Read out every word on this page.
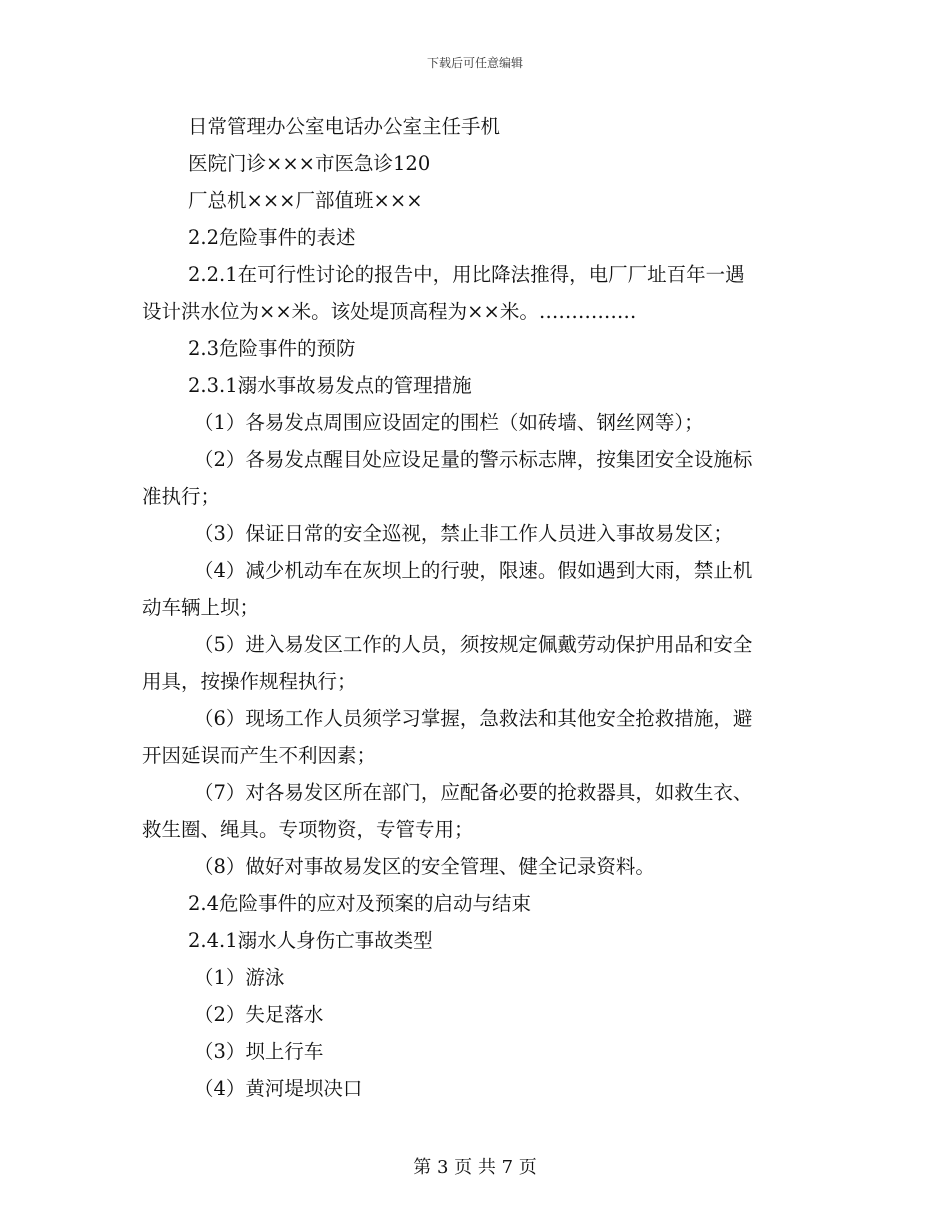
下载后可任意编辑

日常管理办公室电话办公室主任手机

医院门诊×××市医急诊120

厂总机×××厂部值班×××

2.2危险事件的表述

2.2.1在可行性讨论的报告中，用比降法推得，电厂厂址百年一遇

设计洪水位为××米。该处堤顶高程为××米。……………

2.3危险事件的预防

2.3.1溺水事故易发点的管理措施

（1）各易发点周围应设固定的围栏（如砖墙、钢丝网等）；

（2）各易发点醒目处应设足量的警示标志牌，按集团安全设施标

准执行；

（3）保证日常的安全巡视，禁止非工作人员进入事故易发区；

（4）减少机动车在灰坝上的行驶，限速。假如遇到大雨，禁止机

动车辆上坝；

（5）进入易发区工作的人员，须按规定佩戴劳动保护用品和安全

用具，按操作规程执行；

（6）现场工作人员须学习掌握，急救法和其他安全抢救措施，避

开因延误而产生不利因素；

（7）对各易发区所在部门，应配备必要的抢救器具，如救生衣、

救生圈、绳具。专项物资，专管专用；

（8）做好对事故易发区的安全管理、健全记录资料。

2.4危险事件的应对及预案的启动与结束

2.4.1溺水人身伤亡事故类型

（1）游泳

（2）失足落水

（3）坝上行车

（4）黄河堤坝决口

第 3 页 共 7 页
